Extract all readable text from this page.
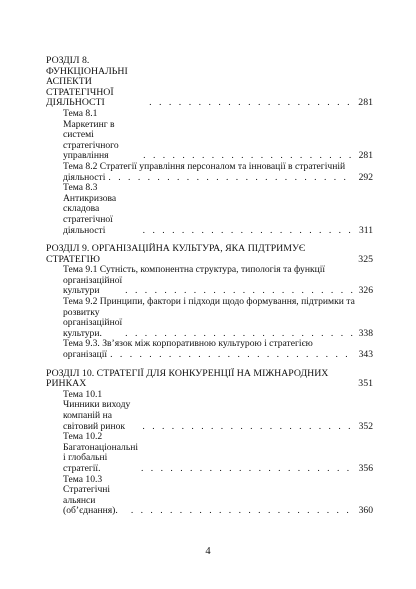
РОЗДІЛ 8. ФУНКЦІОНАЛЬНІ АСПЕКТИ СТРАТЕГІЧНОЇ ДІЯЛЬНОСТІ . . .	281
Тема 8.1 Маркетинг в системі стратегічного управління . . .	281
Тема 8.2 Стратегії управління персоналом та інновації в стратегічній
діяльності . . .	292
Тема 8.3 Антикризова складова стратегічної діяльності . . .	311
РОЗДІЛ 9. ОРГАНІЗАЦІЙНА КУЛЬТУРА, ЯКА ПІДТРИМУЄ СТРАТЕГІЮ	325
Тема 9.1 Сутність, компонентна структура, типологія та функції
організаційної культури . . .	326
Тема 9.2 Принципи, фактори і підходи щодо формування, підтримки та
розвитку організаційної культури. . . .	338
Тема 9.3. Зв’язок між корпоративною культурою і стратегією
організації . . .	343
РОЗДІЛ 10. СТРАТЕГІЇ ДЛЯ КОНКУРЕНЦІЇ НА МІЖНАРОДНИХ РИНКАХ	351
Тема 10.1 Чинники виходу компаній на світовий ринок . . .	352
Тема 10.2 Багатонаціональні і глобальні стратегії. . . .	356
Тема 10.3 Стратегічні альянси (об’єднання). . . .	360
4
